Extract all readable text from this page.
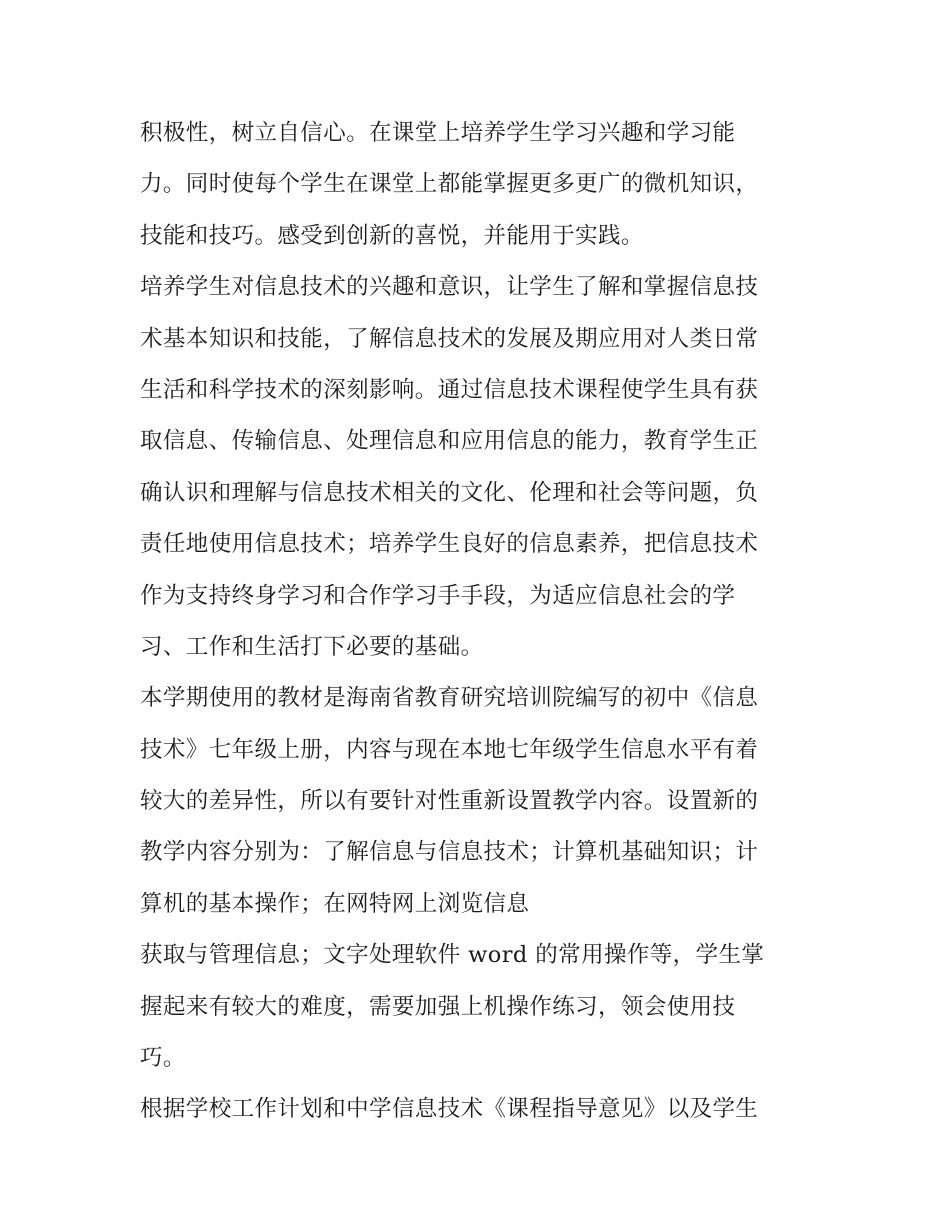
积极性，树立自信心。在课堂上培养学生学习兴趣和学习能
力。同时使每个学生在课堂上都能掌握更多更广的微机知识，
技能和技巧。感受到创新的喜悦，并能用于实践。
培养学生对信息技术的兴趣和意识，让学生了解和掌握信息技
术基本知识和技能，了解信息技术的发展及期应用对人类日常
生活和科学技术的深刻影响。通过信息技术课程使学生具有获
取信息、传输信息、处理信息和应用信息的能力，教育学生正
确认识和理解与信息技术相关的文化、伦理和社会等问题，负
责任地使用信息技术；培养学生良好的信息素养，把信息技术
作为支持终身学习和合作学习手手段，为适应信息社会的学
习、工作和生活打下必要的基础。
本学期使用的教材是海南省教育研究培训院编写的初中《信息
技术》七年级上册，内容与现在本地七年级学生信息水平有着
较大的差异性，所以有要针对性重新设置教学内容。设置新的
教学内容分别为：了解信息与信息技术；计算机基础知识；计
算机的基本操作；在网特网上浏览信息
获取与管理信息；文字处理软件 word 的常用操作等，学生掌
握起来有较大的难度，需要加强上机操作练习，领会使用技
巧。
根据学校工作计划和中学信息技术《课程指导意见》以及学生
